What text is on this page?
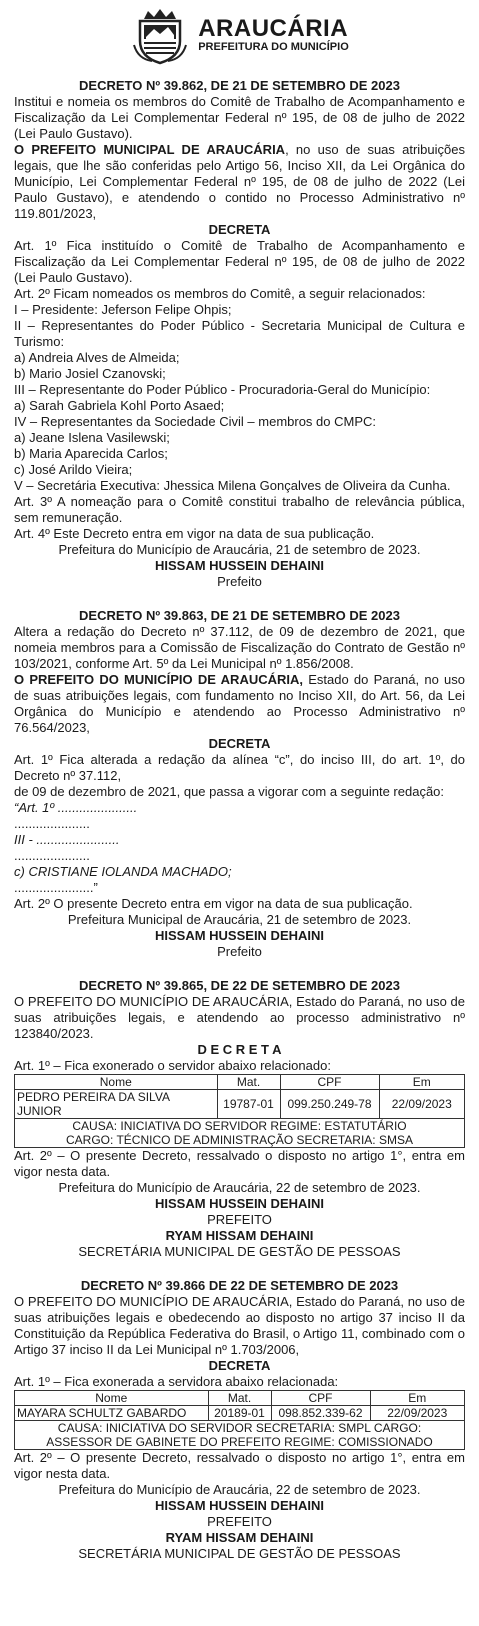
ARAUCÁRIA
PREFEITURA DO MUNICÍPIO
DECRETO Nº 39.862, DE 21 DE SETEMBRO DE 2023
Institui e nomeia os membros do Comitê de Trabalho de Acompanhamento e Fiscalização da Lei Complementar Federal nº 195, de 08 de julho de 2022 (Lei Paulo Gustavo).
O PREFEITO MUNICIPAL DE ARAUCÁRIA, no uso de suas atribuições legais, que lhe são conferidas pelo Artigo 56, Inciso XII, da Lei Orgânica do Município, Lei Complementar Federal nº 195, de 08 de julho de 2022 (Lei Paulo Gustavo), e atendendo o contido no Processo Administrativo nº 119.801/2023,
DECRETA
Art. 1º Fica instituído o Comitê de Trabalho de Acompanhamento e Fiscalização da Lei Complementar Federal nº 195, de 08 de julho de 2022 (Lei Paulo Gustavo).
Art. 2º Ficam nomeados os membros do Comitê, a seguir relacionados:
I – Presidente: Jeferson Felipe Ohpis;
II – Representantes do Poder Público - Secretaria Municipal de Cultura e Turismo:
a) Andreia Alves de Almeida;
b) Mario Josiel Czanovski;
III – Representante do Poder Público - Procuradoria-Geral do Município:
a) Sarah Gabriela Kohl Porto Asaed;
IV – Representantes da Sociedade Civil – membros do CMPC:
a) Jeane Islena Vasilewski;
b) Maria Aparecida Carlos;
c) José Arildo Vieira;
V – Secretária Executiva: Jhessica Milena Gonçalves de Oliveira da Cunha.
Art. 3º A nomeação para o Comitê constitui trabalho de relevância pública, sem remuneração.
Art. 4º Este Decreto entra em vigor na data de sua publicação.
Prefeitura do Município de Araucária, 21 de setembro de 2023.
HISSAM HUSSEIN DEHAINI
Prefeito
DECRETO Nº 39.863, DE 21 DE SETEMBRO DE 2023
Altera a redação do Decreto nº 37.112, de 09 de dezembro de 2021, que nomeia membros para a Comissão de Fiscalização do Contrato de Gestão nº 103/2021, conforme Art. 5º da Lei Municipal nº 1.856/2008.
O PREFEITO DO MUNICÍPIO DE ARAUCÁRIA, Estado do Paraná, no uso de suas atribuições legais, com fundamento no Inciso XII, do Art. 56, da Lei Orgânica do Município e atendendo ao Processo Administrativo nº 76.564/2023,
DECRETA
Art. 1º Fica alterada a redação da alínea “c”, do inciso III, do art. 1º, do Decreto nº 37.112,
de 09 de dezembro de 2021, que passa a vigorar com a seguinte redação:
“Art. 1º ......................
.....................
III - .......................
.....................
c) CRISTIANE IOLANDA MACHADO;
......................”
Art. 2º O presente Decreto entra em vigor na data de sua publicação.
Prefeitura Municipal de Araucária, 21 de setembro de 2023.
HISSAM HUSSEIN DEHAINI
Prefeito
DECRETO Nº 39.865, DE 22 DE SETEMBRO DE 2023
O PREFEITO DO MUNICÍPIO DE ARAUCÁRIA, Estado do Paraná, no uso de suas atribuições legais, e atendendo ao processo administrativo nº 123840/2023.
D E C R E T A
Art. 1º – Fica exonerado o servidor abaixo relacionado:
Nome	Mat.	CPF	Em
PEDRO PEREIRA DA SILVA JUNIOR	19787-01	099.250.249-78	22/09/2023

CAUSA: INICIATIVA DO SERVIDOR REGIME: ESTATUTÁRIO
CARGO: TÉCNICO DE ADMINISTRAÇÃO SECRETARIA: SMSA			
Art. 2º – O presente Decreto, ressalvado o disposto no artigo 1°, entra em vigor nesta data.
Prefeitura do Município de Araucária, 22 de setembro de 2023.
HISSAM HUSSEIN DEHAINI
PREFEITO
RYAM HISSAM DEHAINI
SECRETÁRIA MUNICIPAL DE GESTÃO DE PESSOAS
DECRETO Nº 39.866 DE 22 DE SETEMBRO DE 2023
O PREFEITO DO MUNICÍPIO DE ARAUCÁRIA, Estado do Paraná, no uso de suas atribuições legais e obedecendo ao disposto no artigo 37 inciso II da Constituição da República Federativa do Brasil, o Artigo 11, combinado com o Artigo 37 inciso II da Lei Municipal nº 1.703/2006,
DECRETA
Art. 1º – Fica exonerada a servidora abaixo relacionada:
Nome	Mat.	CPF	Em
MAYARA SCHULTZ GABARDO	20189-01	098.852.339-62	22/09/2023

CAUSA: INICIATIVA DO SERVIDOR SECRETARIA: SMPL CARGO:
ASSESSOR DE GABINETE DO PREFEITO REGIME: COMISSIONADO			
Art. 2º – O presente Decreto, ressalvado o disposto no artigo 1°, entra em vigor nesta data.
Prefeitura do Município de Araucária, 22 de setembro de 2023.
HISSAM HUSSEIN DEHAINI
PREFEITO
RYAM HISSAM DEHAINI
SECRETÁRIA MUNICIPAL DE GESTÃO DE PESSOAS
